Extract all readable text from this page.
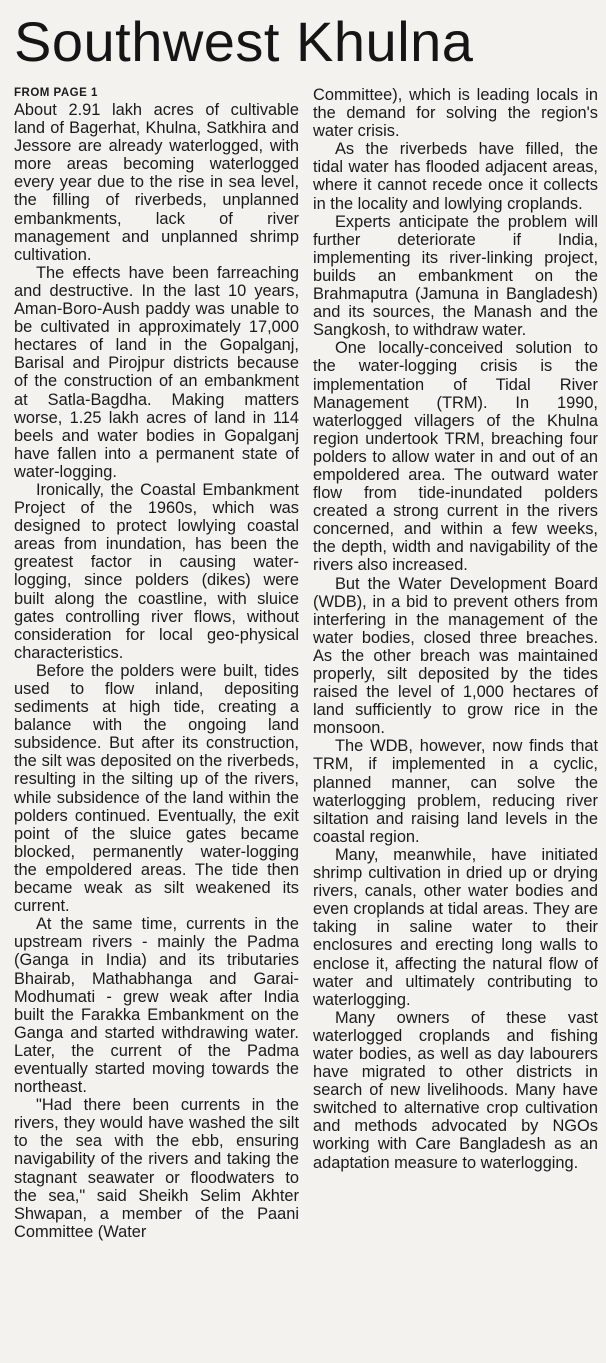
Southwest Khulna
FROM PAGE 1

About 2.91 lakh acres of cultivable land of Bagerhat, Khulna, Satkhira and Jessore are already waterlogged, with more areas becoming waterlogged every year due to the rise in sea level, the filling of riverbeds, unplanned embankments, lack of river management and unplanned shrimp cultivation.

The effects have been farreaching and destructive. In the last 10 years, Aman-Boro-Aush paddy was unable to be cultivated in approximately 17,000 hectares of land in the Gopalganj, Barisal and Pirojpur districts because of the construction of an embankment at Satla-Bagdha. Making matters worse, 1.25 lakh acres of land in 114 beels and water bodies in Gopalganj have fallen into a permanent state of water-logging.

Ironically, the Coastal Embankment Project of the 1960s, which was designed to protect lowlying coastal areas from inundation, has been the greatest factor in causing water-logging, since polders (dikes) were built along the coastline, with sluice gates controlling river flows, without consideration for local geo-physical characteristics.

Before the polders were built, tides used to flow inland, depositing sediments at high tide, creating a balance with the ongoing land subsidence. But after its construction, the silt was deposited on the riverbeds, resulting in the silting up of the rivers, while subsidence of the land within the polders continued. Eventually, the exit point of the sluice gates became blocked, permanently water-logging the empoldered areas. The tide then became weak as silt weakened its current.

At the same time, currents in the upstream rivers - mainly the Padma (Ganga in India) and its tributaries Bhairab, Mathabhanga and Garai-Modhumati - grew weak after India built the Farakka Embankment on the Ganga and started withdrawing water. Later, the current of the Padma eventually started moving towards the northeast.

"Had there been currents in the rivers, they would have washed the silt to the sea with the ebb, ensuring navigability of the rivers and taking the stagnant seawater or floodwaters to the sea," said Sheikh Selim Akhter Shwapan, a member of the Paani Committee (Water

Committee), which is leading locals in the demand for solving the region's water crisis.

As the riverbeds have filled, the tidal water has flooded adjacent areas, where it cannot recede once it collects in the locality and lowlying croplands.

Experts anticipate the problem will further deteriorate if India, implementing its river-linking project, builds an embankment on the Brahmaputra (Jamuna in Bangladesh) and its sources, the Manash and the Sangkosh, to withdraw water.

One locally-conceived solution to the water-logging crisis is the implementation of Tidal River Management (TRM). In 1990, waterlogged villagers of the Khulna region undertook TRM, breaching four polders to allow water in and out of an empoldered area. The outward water flow from tide-inundated polders created a strong current in the rivers concerned, and within a few weeks, the depth, width and navigability of the rivers also increased.

But the Water Development Board (WDB), in a bid to prevent others from interfering in the management of the water bodies, closed three breaches. As the other breach was maintained properly, silt deposited by the tides raised the level of 1,000 hectares of land sufficiently to grow rice in the monsoon.

The WDB, however, now finds that TRM, if implemented in a cyclic, planned manner, can solve the waterlogging problem, reducing river siltation and raising land levels in the coastal region.

Many, meanwhile, have initiated shrimp cultivation in dried up or drying rivers, canals, other water bodies and even croplands at tidal areas. They are taking in saline water to their enclosures and erecting long walls to enclose it, affecting the natural flow of water and ultimately contributing to waterlogging.

Many owners of these vast waterlogged croplands and fishing water bodies, as well as day labourers have migrated to other districts in search of new livelihoods. Many have switched to alternative crop cultivation and methods advocated by NGOs working with Care Bangladesh as an adaptation measure to waterlogging.
